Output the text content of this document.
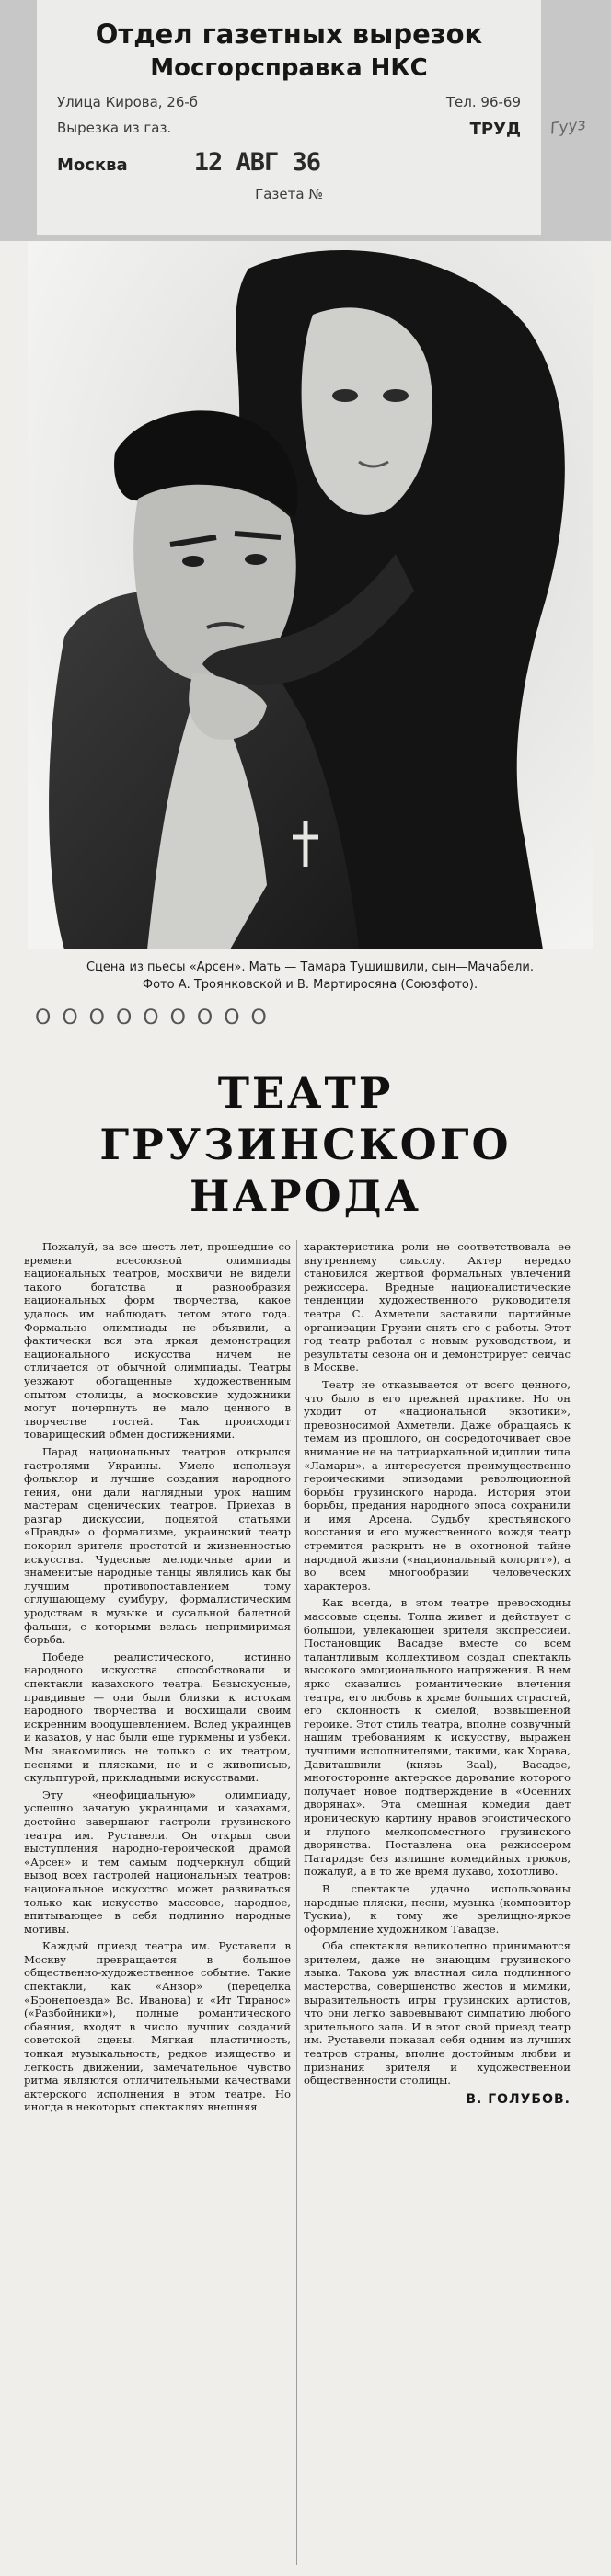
Отдел газетных вырезок
Мосгорсправка НКС
Улица Кирова, 26-б	Тел. 96-69
Вырезка из газ.	ТРУД
Москва	12 АВГ 36
Газета №
Гууз
Сцена из пьесы «Арсен». Мать — Тамара Тушишвили, сын—Мачабели.
Фото А. Троянковской и В. Мартиросяна (Союзфото).
ООООООООО
ТЕАТР
ГРУЗИНСКОГО
НАРОДА

Пожалуй, за все шесть лет, прошедшие со времени всесоюзной олимпиады национальных театров, москвичи не видели такого богатства и разнообразия национальных форм творчества, какое удалось им наблюдать летом этого года. Формально олимпиады не объявили, а фактически вся эта яркая демонстрация национального искусства ничем не отличается от обычной олимпиады. Театры уезжают обогащенные художественным опытом столицы, а московские художники могут почерпнуть не мало ценного в творчестве гостей. Так происходит товарищеский обмен достижениями.

Парад национальных театров открылся гастролями Украины. Умело используя фольклор и лучшие создания народного гения, они дали наглядный урок нашим мастерам сценических театров. Приехав в разгар дискуссии, поднятой статьями «Правды» о формализме, украинский театр покорил зрителя простотой и жизненностью искусства. Чудесные мелодичные арии и знаменитые народные танцы являлись как бы лучшим противопоставлением тому оглушающему сумбуру, формалистическим уродствам в музыке и сусальной балетной фальши, с которыми велась непримиримая борьба.

Победе реалистического, истинно народного искусства способствовали и спектакли казахского театра. Безыскусные, правдивые — они были близки к истокам народного творчества и восхищали своим искренним воодушевлением. Вслед украинцев и казахов, у нас были еще туркмены и узбеки. Мы знакомились не только с их театром, песнями и плясками, но и с живописью, скульптурой, прикладными искусствами.

Эту «неофициальную» олимпиаду, успешно зачатую украинцами и казахами, достойно завершают гастроли грузинского театра им. Руставели. Он открыл свои выступления народно-героической драмой «Арсен» и тем самым подчеркнул общий вывод всех гастролей национальных театров: национальное искусство может развиваться только как искусство массовое, народное, впитывающее в себя подлинно народные мотивы.

Каждый приезд театра им. Руставели в Москву превращается в большое общественно-художественное событие. Такие спектакли, как «Анзор» (переделка «Бронепоезда» Вс. Иванова) и «Ит Тиранос» («Разбойники»), полные романтического обаяния, входят в число лучших созданий советской сцены. Мягкая пластичность, тонкая музыкальность, редкое изящество и легкость движений, замечательное чувство ритма являются отличительными качествами актерского исполнения в этом театре. Но иногда в некоторых спектаклях внешняя

характеристика роли не соответствовала ее внутреннему смыслу. Актер нередко становился жертвой формальных увлечений режиссера. Вредные националистические тенденции художественного руководителя театра С. Ахметели заставили партийные организации Грузии снять его с работы. Этот год театр работал с новым руководством, и результаты сезона он и демонстрирует сейчас в Москве.

Театр не отказывается от всего ценного, что было в его прежней практике. Но он уходит от «национальной экзотики», превозносимой Ахметели. Даже обращаясь к темам из прошлого, он сосредоточивает свое внимание не на патриархальной идиллии типа «Ламары», а интересуется преимущественно героическими эпизодами революционной борьбы грузинского народа. История этой борьбы, предания народного эпоса сохранили и имя Арсена. Судьбу крестьянского восстания и его мужественного вождя театр стремится раскрыть не в охотноной тайне народной жизни («национальный колорит»), а во всем многообразии человеческих характеров.

Как всегда, в этом театре превосходны массовые сцены. Толпа живет и действует с большой, увлекающей зрителя экспрессией. Постановщик Васадзе вместе со всем талантливым коллективом создал спектакль высокого эмоционального напряжения. В нем ярко сказались романтические влечения театра, его любовь к храме больших страстей, его склонность к смелой, возвышенной героике. Этот стиль театра, вполне созвучный нашим требованиям к искусству, выражен лучшими исполнителями, такими, как Хорава, Давиташвили (князь Зааl), Васадзе, многосторонне актерское дарование которого получает новое подтверждение в «Осенних дворянах». Эта смешная комедия дает ироническую картину нравов эгоистического и глупого мелкопоместного грузинского дворянства. Поставлена она режиссером Патаридзе без излишне комедийных трюков, пожалуй, а в то же время лукаво, хохотливо.

В спектакле удачно использованы народные пляски, песни, музыка (композитор Тускиа), к тому же зрелищно-яркое оформление художником Тавадзе.

Оба спектакля великолепно принимаются зрителем, даже не знающим грузинского языка. Такова уж властная сила подлинного мастерства, совершенство жестов и мимики, выразительность игры грузинских артистов, что они легко завоевывают симпатию любого зрительного зала. И в этот свой приезд театр им. Руставели показал себя одним из лучших театров страны, вполне достойным любви и признания зрителя и художественной общественности столицы.

В. ГОЛУБОВ.
